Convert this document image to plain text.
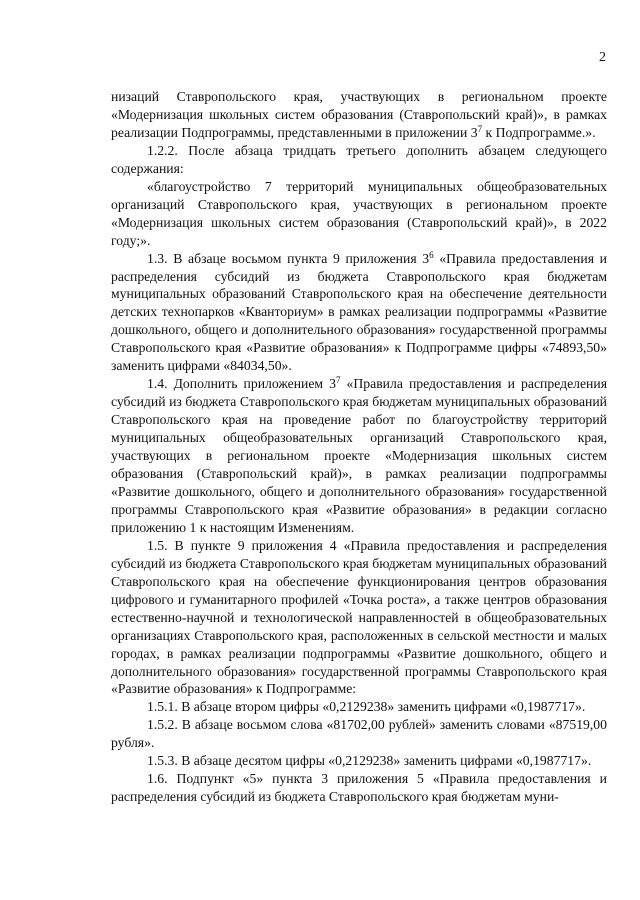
2

низаций Ставропольского края, участвующих в региональном проекте «Модернизация школьных систем образования (Ставропольский край)», в рамках реализации Подпрограммы, представленными в приложении $3^7$ к Подпрограмме.».

1.2.2. После абзаца тридцать третьего дополнить абзацем следующего содержания:

«благоустройство 7 территорий муниципальных общеобразовательных организаций Ставропольского края, участвующих в региональном проекте «Модернизация школьных систем образования (Ставропольский край)», в 2022 году;».

1.3. В абзаце восьмом пункта 9 приложения $3^6$ «Правила предоставления и распределения субсидий из бюджета Ставропольского края бюджетам муниципальных образований Ставропольского края на обеспечение деятельности детских технопарков «Кванториум» в рамках реализации подпрограммы «Развитие дошкольного, общего и дополнительного образования» государственной программы Ставропольского края «Развитие образования» к Подпрограмме цифры «74893,50» заменить цифрами «84034,50».

1.4. Дополнить приложением $3^7$ «Правила предоставления и распределения субсидий из бюджета Ставропольского края бюджетам муниципальных образований Ставропольского края на проведение работ по благоустройству территорий муниципальных общеобразовательных организаций Ставропольского края, участвующих в региональном проекте «Модернизация школьных систем образования (Ставропольский край)», в рамках реализации подпрограммы «Развитие дошкольного, общего и дополнительного образования» государственной программы Ставропольского края «Развитие образования» в редакции согласно приложению 1 к настоящим Изменениям.

1.5. В пункте 9 приложения 4 «Правила предоставления и распределения субсидий из бюджета Ставропольского края бюджетам муниципальных образований Ставропольского края на обеспечение функционирования центров образования цифрового и гуманитарного профилей «Точка роста», а также центров образования естественно-научной и технологической направленностей в общеобразовательных организациях Ставропольского края, расположенных в сельской местности и малых городах, в рамках реализации подпрограммы «Развитие дошкольного, общего и дополнительного образования» государственной программы Ставропольского края «Развитие образования» к Подпрограмме:

1.5.1. В абзаце втором цифры «0,2129238» заменить цифрами «0,1987717».

1.5.2. В абзаце восьмом слова «81702,00 рублей» заменить словами «87519,00 рубля».

1.5.3. В абзаце десятом цифры «0,2129238» заменить цифрами «0,1987717».

1.6. Подпункт «5» пункта 3 приложения 5 «Правила предоставления и распределения субсидий из бюджета Ставропольского края бюджетам муни-
